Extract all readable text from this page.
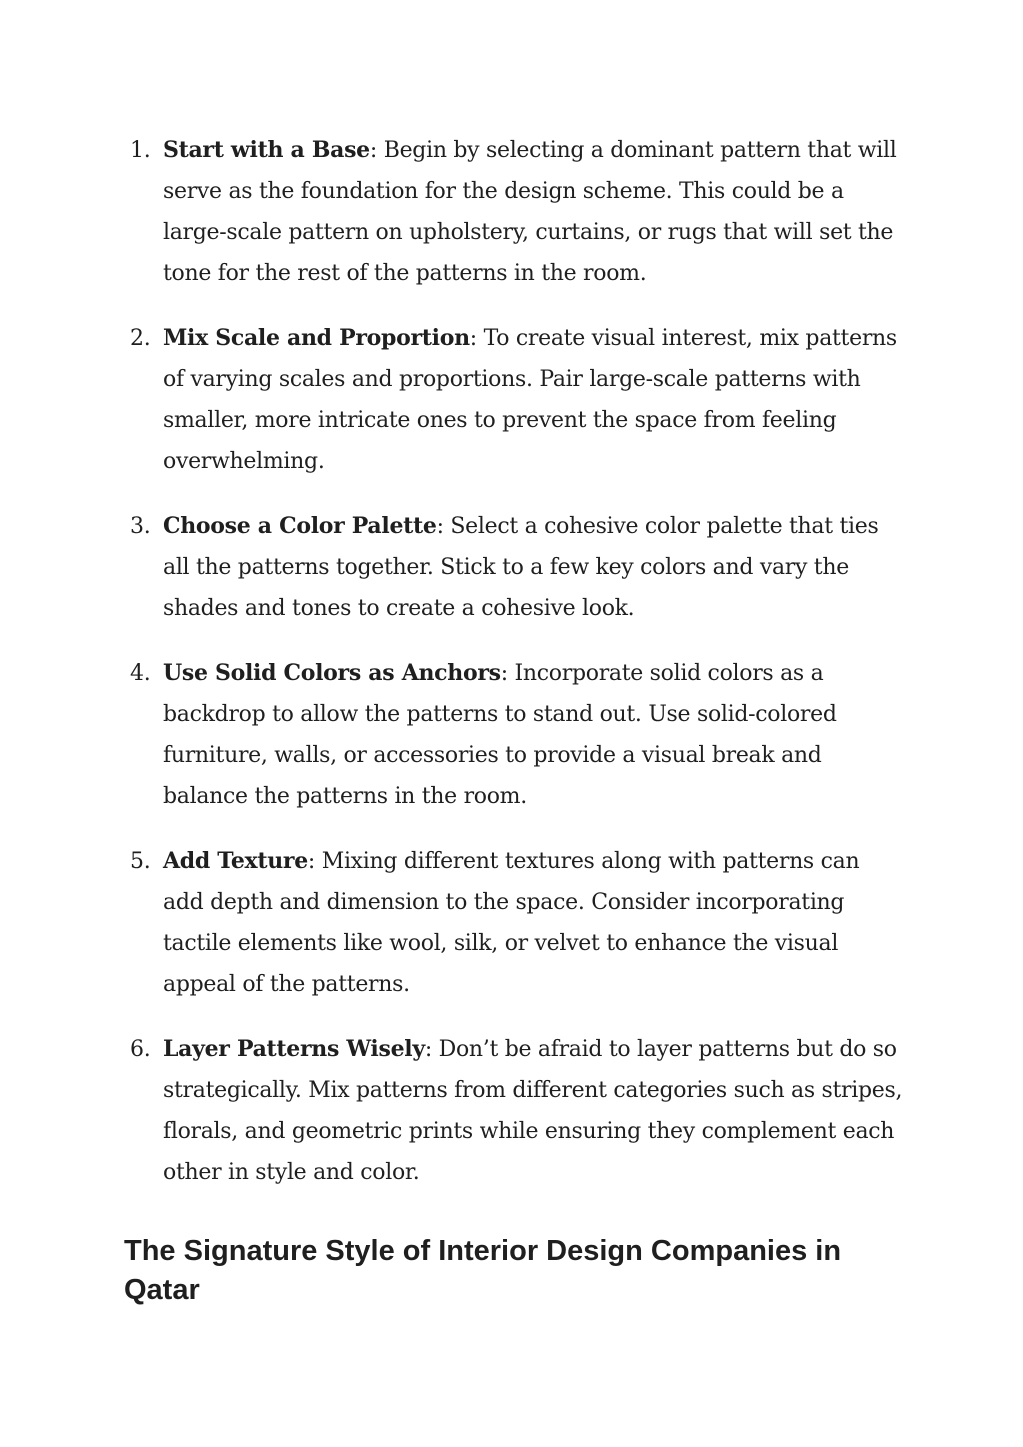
1. Start with a Base: Begin by selecting a dominant pattern that will serve as the foundation for the design scheme. This could be a large-scale pattern on upholstery, curtains, or rugs that will set the tone for the rest of the patterns in the room.
2. Mix Scale and Proportion: To create visual interest, mix patterns of varying scales and proportions. Pair large-scale patterns with smaller, more intricate ones to prevent the space from feeling overwhelming.
3. Choose a Color Palette: Select a cohesive color palette that ties all the patterns together. Stick to a few key colors and vary the shades and tones to create a cohesive look.
4. Use Solid Colors as Anchors: Incorporate solid colors as a backdrop to allow the patterns to stand out. Use solid-colored furniture, walls, or accessories to provide a visual break and balance the patterns in the room.
5. Add Texture: Mixing different textures along with patterns can add depth and dimension to the space. Consider incorporating tactile elements like wool, silk, or velvet to enhance the visual appeal of the patterns.
6. Layer Patterns Wisely: Don’t be afraid to layer patterns but do so strategically. Mix patterns from different categories such as stripes, florals, and geometric prints while ensuring they complement each other in style and color.
The Signature Style of Interior Design Companies in Qatar
